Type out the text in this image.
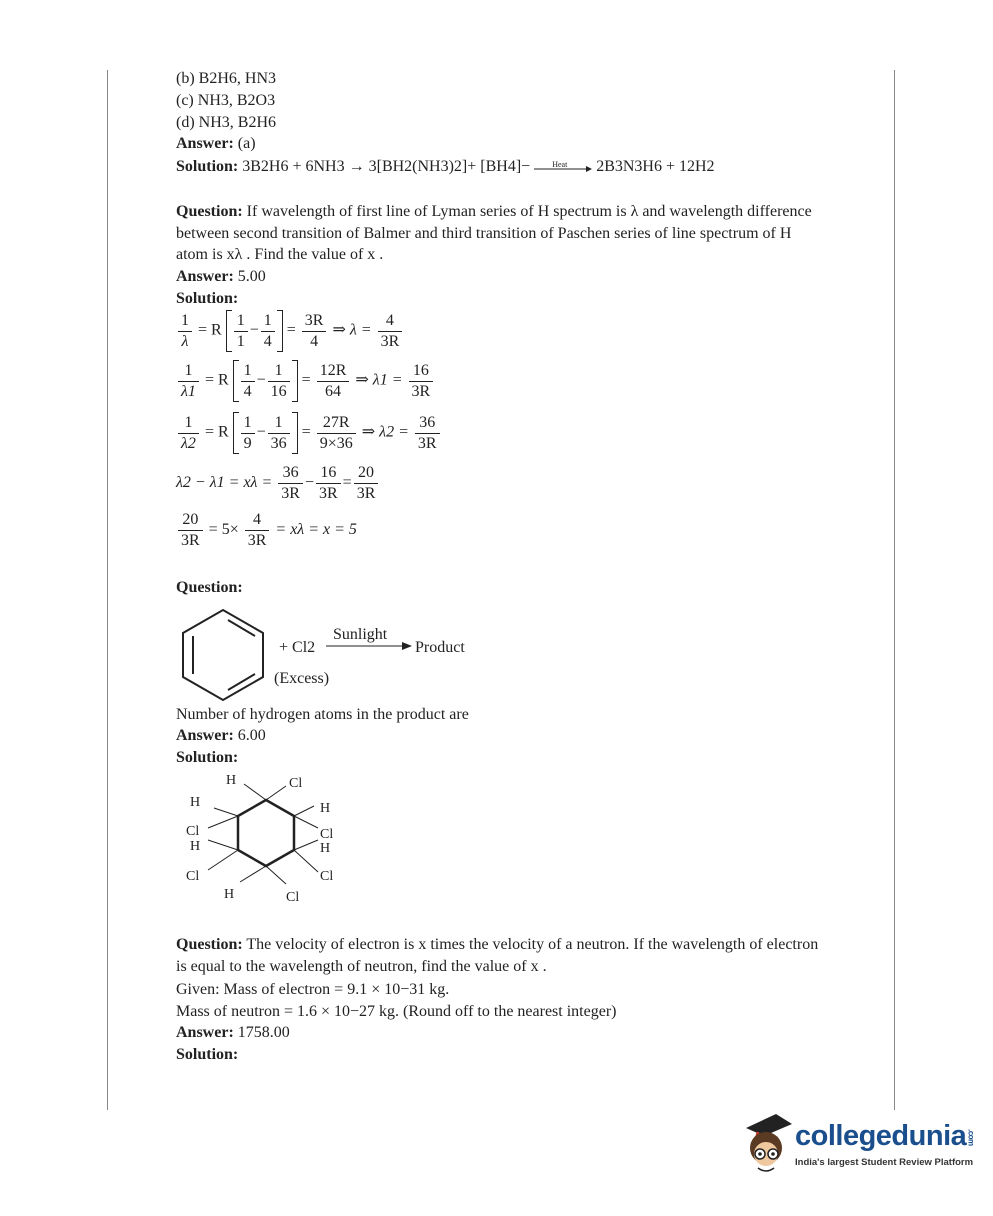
(b) B2H6, HN3
(c) NH3, B2O3
(d) NH3, B2H6
Answer: (a)
Solution: 3B2H6 + 6NH3 → 3[BH2(NH3)2]+ [BH4]−	Heat 2B3N3H6 + 12H2
Question: If wavelength of first line of Lyman series of H spectrum is λ and wavelength difference between second transition of Balmer and third transition of Paschen series of line spectrum of H atom is xλ . Find the value of x .
Answer: 5.00
Solution:
$\frac{1}{\lambda} = R \frac{1}{1} - \frac{1}{4} = \frac{3R}{4}$ ⇒ $\lambda = \frac{4}{3R}$
$\frac{1}{\lambda 1} = R \frac{1}{4} - \frac{1}{16} = \frac{12R}{64}$ ⇒ $\lambda 1 = \frac{16}{3R}$
$\frac{1}{\lambda 2} = R \frac{1}{9} - \frac{1}{36} = \frac{27R}{9\times 36}$ ⇒ $\lambda 2 = \frac{36}{3R}$
$\lambda 2 - \lambda 1 = x\lambda = \frac{36}{3R} - \frac{16}{3R} = \frac{20}{3R}$
$\frac{20}{3R} = 5\times \frac{4}{3R} = x\lambda = x = 5$
Question:
+ Cl2
Sunlight
Product
(Excess)
Number of hydrogen atoms in the product are
Answer: 6.00
Solution:
H	Cl
H
Cl
H
Cl
H
Cl
H
Cl
H	Cl
Question: The velocity of electron is x times the velocity of a neutron. If the wavelength of electron is equal to the wavelength of neutron, find the value of x .
Given: Mass of electron = 9.1 × 10−31 kg.
Mass of neutron = 1.6 × 10−27 kg. (Round off to the nearest integer)
Answer: 1758.00
Solution:
collegedunia.com
India's largest Student Review Platform
